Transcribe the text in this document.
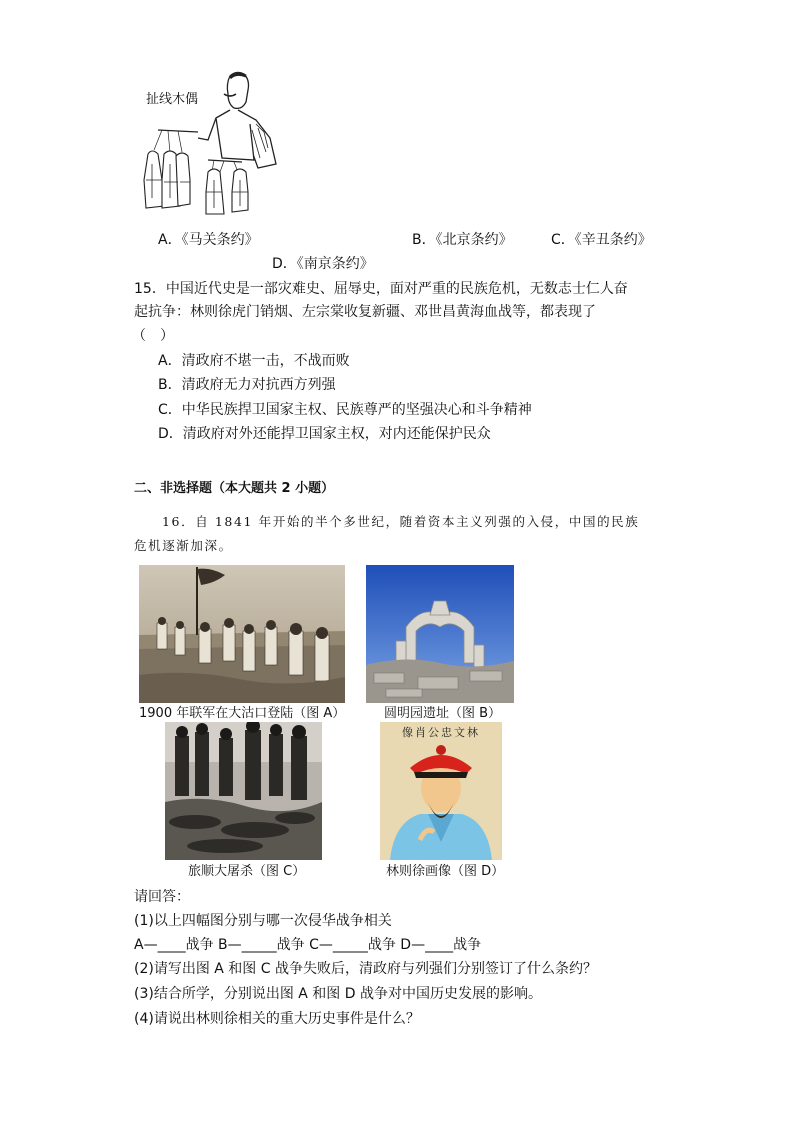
扯线木偶
A．《马关条约》	B．《北京条约》	C．《辛丑条约》
D．《南京条约》
15．中国近代史是一部灾难史、屈辱史，面对严重的民族危机，无数志士仁人奋
起抗争：林则徐虎门销烟、左宗棠收复新疆、邓世昌黄海血战等，都表现了
（　）
A．清政府不堪一击，不战而败
B．清政府无力对抗西方列强
C．中华民族捍卫国家主权、民族尊严的坚强决心和斗争精神
D．清政府对外还能捍卫国家主权，对内还能保护民众
二、非选择题（本大题共 2 小题）
16．自 1841 年开始的半个多世纪，随着资本主义列强的入侵，中国的民族
危机逐渐加深。
1900 年联军在大沽口登陆（图 A）	圆明园遗址（图 B）
旅顺大屠杀（图 C）
林文忠公肖像
林则徐画像（图 D）
请回答：
(1)以上四幅图分别与哪一次侵华战争相关
A—____战争 B—_____战争 C—_____战争 D—____战争
(2)请写出图 A 和图 C 战争失败后，清政府与列强们分别签订了什么条约？
(3)结合所学，分别说出图 A 和图 D 战争对中国历史发展的影响。
(4)请说出林则徐相关的重大历史事件是什么？
